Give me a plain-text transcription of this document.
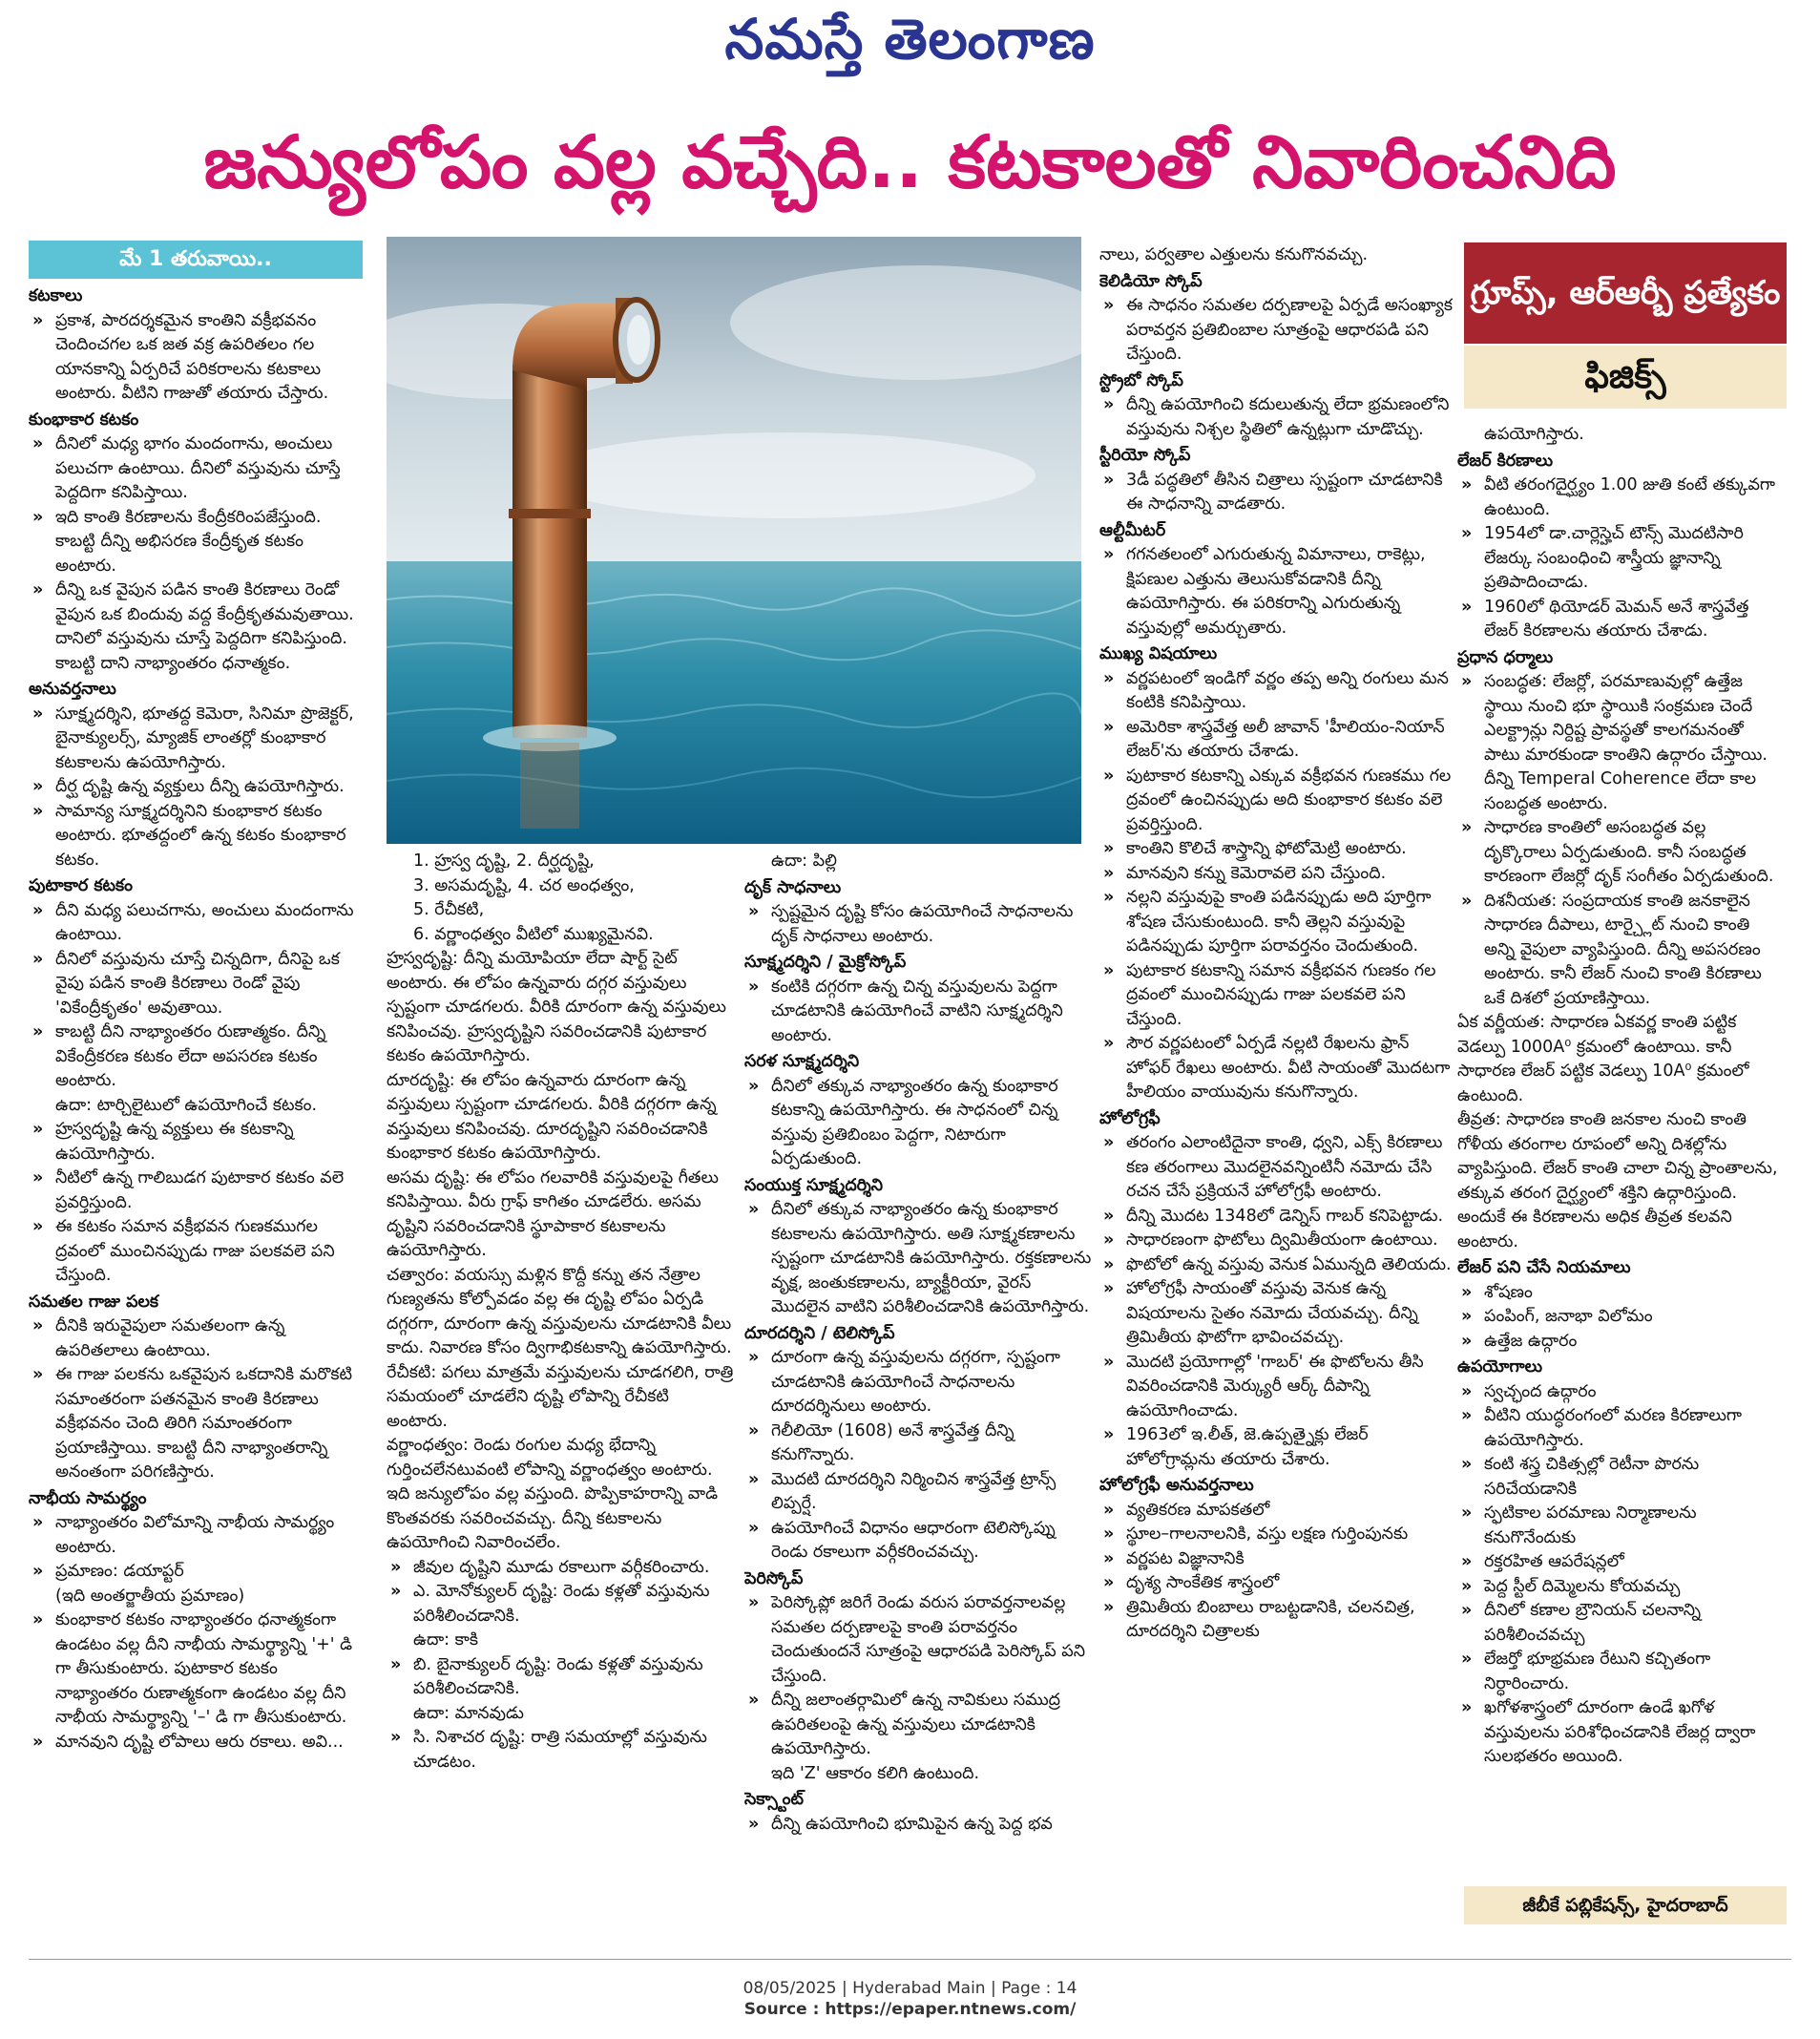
నమస్తే తెలంగాణ
జన్యులోపం వల్ల వచ్చేది.. కటకాలతో నివారించనిది
మే 1 తరువాయి..
గ్రూప్స్, ఆర్ఆర్బీ ప్రత్యేకం
ఫిజిక్స్

కటకాలు

» ప్రకాశ, పారదర్శకమైన కాంతిని వక్రీభవనం చెందించగల ఒక జత వక్ర ఉపరితలం గల యానకాన్ని ఏర్పరిచే పరికరాలను కటకాలు అంటారు. వీటిని గాజుతో తయారు చేస్తారు.

కుంభాకార కటకం

» దీనిలో మధ్య భాగం మందంగాను, అంచులు పలుచగా ఉంటాయి. దీనిలో వస్తువును చూస్తే పెద్దదిగా కనిపిస్తాయి.

» ఇది కాంతి కిరణాలను కేంద్రీకరింపజేస్తుంది. కాబట్టి దీన్ని అభిసరణ కేంద్రీకృత కటకం అంటారు.

» దీన్ని ఒక వైపున పడిన కాంతి కిరణాలు రెండో వైపున ఒక బిందువు వద్ద కేంద్రీకృతమవుతాయి. దానిలో వస్తువును చూస్తే పెద్దదిగా కనిపిస్తుంది. కాబట్టి దాని నాభ్యాంతరం ధనాత్మకం.

అనువర్తనాలు

» సూక్ష్మదర్శిని, భూతద్ద కెమెరా, సినిమా ప్రొజెక్టర్, బైనాక్యులర్స్, మ్యాజిక్ లాంతర్లో కుంభాకార కటకాలను ఉపయోగిస్తారు.

» దీర్ఘ దృష్టి ఉన్న వ్యక్తులు దీన్ని ఉపయోగిస్తారు.

» సామాన్య సూక్ష్మదర్శినిని కుంభాకార కటకం అంటారు. భూతద్దంలో ఉన్న కటకం కుంభాకార కటకం.

పుటాకార కటకం

» దీని మధ్య పలుచగాను, అంచులు మందంగాను ఉంటాయి.

» దీనిలో వస్తువును చూస్తే చిన్నదిగా, దీనిపై ఒక వైపు పడిన కాంతి కిరణాలు రెండో వైపు 'వికేంద్రీకృతం' అవుతాయి.

» కాబట్టి దీని నాభ్యాంతరం రుణాత్మకం. దీన్ని వికేంద్రీకరణ కటకం లేదా అపసరణ కటకం అంటారు.

ఉదా: టార్చిలైటులో ఉపయోగించే కటకం.

» హ్రస్వదృష్టి ఉన్న వ్యక్తులు ఈ కటకాన్ని ఉపయోగిస్తారు.

» నీటిలో ఉన్న గాలిబుడగ పుటాకార కటకం వలె ప్రవర్తిస్తుంది.

» ఈ కటకం సమాన వక్రీభవన గుణకముగల ద్రవంలో ముంచినప్పుడు గాజు పలకవలె పని చేస్తుంది.

సమతల గాజు పలక

» దీనికి ఇరువైపులా సమతలంగా ఉన్న ఉపరితలాలు ఉంటాయి.

» ఈ గాజు పలకను ఒకవైపున ఒకదానికి మరొకటి సమాంతరంగా పతనమైన కాంతి కిరణాలు వక్రీభవనం చెంది తిరిగి సమాంతరంగా ప్రయాణిస్తాయి. కాబట్టి దీని నాభ్యాంతరాన్ని అనంతంగా పరిగణిస్తారు.

నాభీయ సామర్థ్యం

» నాభ్యాంతరం విలోమాన్ని నాభీయ సామర్థ్యం అంటారు.

» ప్రమాణం: డయాప్టర్

(ఇది అంతర్జాతీయ ప్రమాణం)

» కుంభాకార కటకం నాభ్యాంతరం ధనాత్మకంగా ఉండటం వల్ల దీని నాభీయ సామర్థ్యాన్ని '+' డి గా తీసుకుంటారు. పుటాకార కటకం నాభ్యాంతరం రుణాత్మకంగా ఉండటం వల్ల దీని నాభీయ సామర్థ్యాన్ని '–' డి గా తీసుకుంటారు.

» మానవుని దృష్టి లోపాలు ఆరు రకాలు. అవి...

1. హ్రస్వ దృష్టి, 2. దీర్ఘదృష్టి,

3. అసమదృష్టి, 4. చర అంధత్వం,

5. రేచీకటి,

6. వర్ణాంధత్వం వీటిలో ముఖ్యమైనవి.

హ్రస్వదృష్టి: దీన్ని మయోపియా లేదా షార్ట్ సైట్ అంటారు. ఈ లోపం ఉన్నవారు దగ్గర వస్తువులు స్పష్టంగా చూడగలరు. వీరికి దూరంగా ఉన్న వస్తువులు కనిపించవు. హ్రస్వదృష్టిని సవరించడానికి పుటాకార కటకం ఉపయోగిస్తారు.

దూరదృష్టి: ఈ లోపం ఉన్నవారు దూరంగా ఉన్న వస్తువులు స్పష్టంగా చూడగలరు. వీరికి దగ్గరగా ఉన్న వస్తువులు కనిపించవు. దూరదృష్టిని సవరించడానికి కుంభాకార కటకం ఉపయోగిస్తారు.

అసమ దృష్టి: ఈ లోపం గలవారికి వస్తువులపై గీతలు కనిపిస్తాయి. వీరు గ్రాఫ్ కాగితం చూడలేరు. అసమ దృష్టిని సవరించడానికి స్థూపాకార కటకాలను ఉపయోగిస్తారు.

చత్వారం: వయస్సు మళ్లిన కొద్దీ కన్ను తన నేత్రాల గుణ్యతను కోల్పోవడం వల్ల ఈ దృష్టి లోపం ఏర్పడి దగ్గరగా, దూరంగా ఉన్న వస్తువులను చూడటానికి వీలు కాదు. నివారణ కోసం ద్విగాభికటకాన్ని ఉపయోగిస్తారు.

రేచీకటి: పగలు మాత్రమే వస్తువులను చూడగలిగి, రాత్రి సమయంలో చూడలేని దృష్టి లోపాన్ని రేచీకటి అంటారు.

వర్ణాంధత్వం: రెండు రంగుల మధ్య భేదాన్ని గుర్తించలేనటువంటి లోపాన్ని వర్ణాంధత్వం అంటారు. ఇది జన్యులోపం వల్ల వస్తుంది. పొప్పికాహరాన్ని వాడి కొంతవరకు సవరించవచ్చు. దీన్ని కటకాలను ఉపయోగించి నివారించలేం.

» జీవుల దృష్టిని మూడు రకాలుగా వర్గీకరించారు.

» ఎ. మోనోక్యులర్ దృష్టి: రెండు కళ్లతో వస్తువును పరిశీలించడానికి.

ఉదా: కాకి

» బి. బైనాక్యులర్ దృష్టి: రెండు కళ్లతో వస్తువును పరిశీలించడానికి.

ఉదా: మానవుడు

» సి. నిశాచర దృష్టి: రాత్రి సమయాల్లో వస్తువును చూడటం.

ఉదా: పిల్లి

దృక్ సాధనాలు

» స్పష్టమైన దృష్టి కోసం ఉపయోగించే సాధనాలను దృక్ సాధనాలు అంటారు.

సూక్ష్మదర్శిని / మైక్రోస్కోప్

» కంటికి దగ్గరగా ఉన్న చిన్న వస్తువులను పెద్దగా చూడటానికి ఉపయోగించే వాటిని సూక్ష్మదర్శిని అంటారు.

సరళ సూక్ష్మదర్శిని

» దీనిలో తక్కువ నాభ్యాంతరం ఉన్న కుంభాకార కటకాన్ని ఉపయోగిస్తారు. ఈ సాధనంలో చిన్న వస్తువు ప్రతిబింబం పెద్దగా, నిటారుగా ఏర్పడుతుంది.

సంయుక్త సూక్ష్మదర్శిని

» దీనిలో తక్కువ నాభ్యాంతరం ఉన్న కుంభాకార కటకాలను ఉపయోగిస్తారు. అతి సూక్ష్మకణాలను స్పష్టంగా చూడటానికి ఉపయోగిస్తారు. రక్తకణాలను వృక్ష, జంతుకణాలను, బ్యాక్టీరియా, వైరస్ మొదలైన వాటిని పరిశీలించడానికి ఉపయోగిస్తారు.

దూరదర్శిని / టెలిస్కోప్

» దూరంగా ఉన్న వస్తువులను దగ్గరగా, స్పష్టంగా చూడటానికి ఉపయోగించే సాధనాలను దూరదర్శినులు అంటారు.

» గెలీలియో (1608) అనే శాస్త్రవేత్త దీన్ని కనుగొన్నారు.

» మొదటి దూరదర్శిని నిర్మించిన శాస్త్రవేత్త ట్రాన్స్ లిప్పర్షే.

» ఉపయోగించే విధానం ఆధారంగా టెలిస్కోప్ను రెండు రకాలుగా వర్గీకరించవచ్చు.

పెరిస్కోప్

» పెరిస్కోప్లో జరిగే రెండు వరుస పరావర్తనాలవల్ల సమతల దర్పణాలపై కాంతి పరావర్తనం చెందుతుందనే సూత్రంపై ఆధారపడి పెరిస్కోప్ పని చేస్తుంది.

» దీన్ని జలాంతర్గామిలో ఉన్న నావికులు సముద్ర ఉపరితలంపై ఉన్న వస్తువులు చూడటానికి ఉపయోగిస్తారు.

ఇది 'Z' ఆకారం కలిగి ఉంటుంది.

సెక్స్టాంట్

» దీన్ని ఉపయోగించి భూమిపైన ఉన్న పెద్ద భవ

నాలు, పర్వతాల ఎత్తులను కనుగొనవచ్చు.

కెలిడియో స్కోప్

» ఈ సాధనం సమతల దర్పణాలపై ఏర్పడే అసంఖ్యాక పరావర్తన ప్రతిబింబాల సూత్రంపై ఆధారపడి పని చేస్తుంది.

స్ట్రోబో స్కోప్

» దీన్ని ఉపయోగించి కదులుతున్న లేదా భ్రమణంలోని వస్తువును నిశ్చల స్థితిలో ఉన్నట్లుగా చూడొచ్చు.

స్టీరియో స్కోప్

» 3డీ పద్ధతిలో తీసిన చిత్రాలు స్పష్టంగా చూడటానికి ఈ సాధనాన్ని వాడతారు.

ఆల్టీమీటర్

» గగనతలంలో ఎగురుతున్న విమానాలు, రాకెట్లు, క్షిపణుల ఎత్తును తెలుసుకోవడానికి దీన్ని ఉపయోగిస్తారు. ఈ పరికరాన్ని ఎగురుతున్న వస్తువుల్లో అమర్చుతారు.

ముఖ్య విషయాలు

» వర్ణపటంలో ఇండిగో వర్ణం తప్ప అన్ని రంగులు మన కంటికి కనిపిస్తాయి.

» అమెరికా శాస్త్రవేత్త అలీ జావాన్ 'హీలియం-నియాన్ లేజర్'ను తయారు చేశాడు.

» పుటాకార కటకాన్ని ఎక్కువ వక్రీభవన గుణకము గల ద్రవంలో ఉంచినప్పుడు అది కుంభాకార కటకం వలె ప్రవర్తిస్తుంది.

» కాంతిని కొలిచే శాస్త్రాన్ని ఫోటోమెట్రి అంటారు.

» మానవుని కన్ను కెమెరావలె పని చేస్తుంది.

» నల్లని వస్తువుపై కాంతి పడినప్పుడు అది పూర్తిగా శోషణ చేసుకుంటుంది. కానీ తెల్లని వస్తువుపై పడినప్పుడు పూర్తిగా పరావర్తనం చెందుతుంది.

» పుటాకార కటకాన్ని సమాన వక్రీభవన గుణకం గల ద్రవంలో ముంచినప్పుడు గాజు పలకవలె పని చేస్తుంది.

» సౌర వర్ణపటంలో ఏర్పడే నల్లటి రేఖలను ఫ్రాన్ హోఫర్ రేఖలు అంటారు. వీటి సాయంతో మొదటగా హీలియం వాయువును కనుగొన్నారు.

హోలోగ్రఫీ

» తరంగం ఎలాంటిదైనా కాంతి, ధ్వని, ఎక్స్ కిరణాలు కణ తరంగాలు మొదలైనవన్నింటినీ నమోదు చేసి రచన చేసే ప్రక్రియనే హోలోగ్రఫీ అంటారు.

» దీన్ని మొదట 1348లో డెన్నిస్ గాబర్ కనిపెట్టాడు.

» సాధారణంగా ఫొటోలు ద్విమితీయంగా ఉంటాయి.

» ఫొటోలో ఉన్న వస్తువు వెనుక ఏమున్నది తెలియదు.

» హోలోగ్రఫీ సాయంతో వస్తువు వెనుక ఉన్న విషయాలను సైతం నమోదు చేయవచ్చు. దీన్ని త్రిమితీయ ఫొటోగా భావించవచ్చు.

» మొదటి ప్రయోగాల్లో 'గాబర్' ఈ ఫొటోలను తీసి వివరించడానికి మెర్క్యురీ ఆర్క్ దీపాన్ని ఉపయోగించాడు.

» 1963లో ఇ.లీత్, జె.ఉప్పత్నైక్లు లేజర్ హోలోగ్రామ్లను తయారు చేశారు.

హోలోగ్రఫీ అనువర్తనాలు

» వ్యతికరణ మాపకతలో

» స్థూల–గాలనాలనికి, వస్తు లక్షణ గుర్తింపునకు

» వర్ణపట విజ్ఞానానికి

» దృశ్య సాంకేతిక శాస్త్రంలో

» త్రిమితీయ బింబాలు రాబట్టడానికి, చలనచిత్ర, దూరదర్శిని చిత్రాలకు

ఉపయోగిస్తారు.

లేజర్ కిరణాలు

» వీటి తరంగదైర్ఘ్యం 1.00 జుతి కంటే తక్కువగా ఉంటుంది.

» 1954లో డా.చార్లెస్హెచ్ టౌన్స్ మొదటిసారి లేజర్కు సంబంధించి శాస్త్రీయ జ్ఞానాన్ని ప్రతిపాదించాడు.

» 1960లో థియోడర్ మెమన్ అనే శాస్త్రవేత్త లేజర్ కిరణాలను తయారు చేశాడు.

ప్రధాన ధర్మాలు

» సంబద్ధత: లేజర్లో, పరమాణువుల్లో ఉత్తేజ స్థాయి నుంచి భూ స్థాయికి సంక్రమణ చెందే ఎలక్ట్రాన్లు నిర్దిష్ట ప్రావస్థతో కాలగమనంతో పాటు మారకుండా కాంతిని ఉద్గారం చేస్తాయి. దీన్ని Temperal Coherence లేదా కాల సంబద్ధత అంటారు.

» సాధారణ కాంతిలో అసంబద్ధత వల్ల దృక్కొరాలు ఏర్పడుతుంది. కానీ సంబద్ధత కారణంగా లేజర్లో దృక్ సంగీతం ఏర్పడుతుంది.

» దిశనీయత: సంప్రదాయక కాంతి జనకాలైన సాధారణ దీపాలు, టార్చ్లైట్ నుంచి కాంతి అన్ని వైపులా వ్యాపిస్తుంది. దీన్ని అపసరణం అంటారు. కానీ లేజర్ నుంచి కాంతి కిరణాలు ఒకే దిశలో ప్రయాణిస్తాయి.

ఏక వర్ణీయత: సాధారణ ఏకవర్ణ కాంతి పట్టిక వెడల్పు 1000A⁰ క్రమంలో ఉంటాయి. కానీ సాధారణ లేజర్ పట్టిక వెడల్పు 10A⁰ క్రమంలో ఉంటుంది.

తీవ్రత: సాధారణ కాంతి జనకాల నుంచి కాంతి గోళీయ తరంగాల రూపంలో అన్ని దిశల్లోను వ్యాపిస్తుంది. లేజర్ కాంతి చాలా చిన్న ప్రాంతాలను, తక్కువ తరంగ దైర్ఘ్యంలో శక్తిని ఉద్గారిస్తుంది. అందుకే ఈ కిరణాలను అధిక తీవ్రత కలవని అంటారు.

లేజర్ పని చేసే నియమాలు

» శోషణం

» పంపింగ్, జనాభా విలోమం

» ఉత్తేజ ఉద్గారం

ఉపయోగాలు

» స్వచ్ఛంద ఉద్గారం

» వీటిని యుద్ధరంగంలో మరణ కిరణాలుగా ఉపయోగిస్తారు.

» కంటి శస్త్ర చికిత్సల్లో రెటీనా పొరను సరిచేయడానికి

» స్ఫటికాల పరమాణు నిర్మాణాలను కనుగొనేందుకు

» రక్తరహిత ఆపరేషన్లలో

» పెద్ద స్టీల్ దిమ్మెలను కోయవచ్చు

» దీనిలో కణాల బ్రౌనియన్ చలనాన్ని పరిశీలించవచ్చు

» లేజర్తో భూభ్రమణ రేటుని కచ్చితంగా నిర్ధారించారు.

» ఖగోళశాస్త్రంలో దూరంగా ఉండే ఖగోళ వస్తువులను పరిశోధించడానికి లేజర్ల ద్వారా సులభతరం అయింది.

జీబీకే పబ్లికేషన్స్, హైదరాబాద్
08/05/2025 | Hyderabad Main | Page : 14
Source : https://epaper.ntnews.com/
